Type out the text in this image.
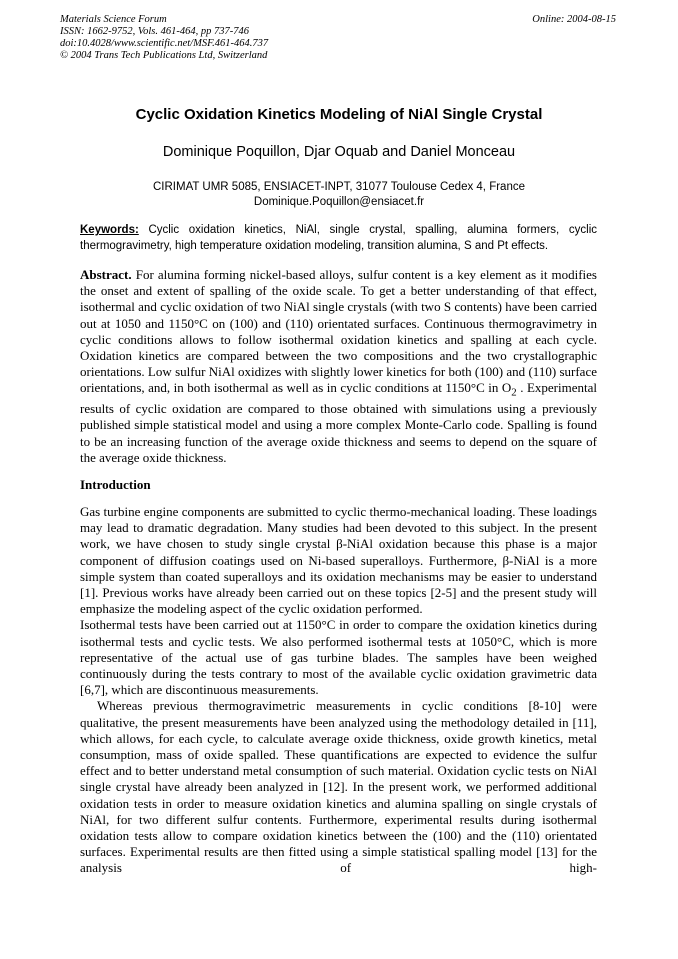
Materials Science Forum
ISSN: 1662-9752, Vols. 461-464, pp 737-746
doi:10.4028/www.scientific.net/MSF.461-464.737
© 2004 Trans Tech Publications Ltd, Switzerland
Online: 2004-08-15
Cyclic Oxidation Kinetics Modeling of NiAl Single Crystal
Dominique Poquillon, Djar Oquab and Daniel Monceau
CIRIMAT UMR 5085, ENSIACET-INPT, 31077 Toulouse Cedex 4, France
Dominique.Poquillon@ensiacet.fr
Keywords: Cyclic oxidation kinetics, NiAl, single crystal, spalling, alumina formers, cyclic thermogravimetry, high temperature oxidation modeling, transition alumina, S and Pt effects.
Abstract. For alumina forming nickel-based alloys, sulfur content is a key element as it modifies the onset and extent of spalling of the oxide scale. To get a better understanding of that effect, isothermal and cyclic oxidation of two NiAl single crystals (with two S contents) have been carried out at 1050 and 1150°C on (100) and (110) orientated surfaces. Continuous thermogravimetry in cyclic conditions allows to follow isothermal oxidation kinetics and spalling at each cycle. Oxidation kinetics are compared between the two compositions and the two crystallographic orientations. Low sulfur NiAl oxidizes with slightly lower kinetics for both (100) and (110) surface orientations, and, in both isothermal as well as in cyclic conditions at 1150°C in $O_2$ . Experimental results of cyclic oxidation are compared to those obtained with simulations using a previously published simple statistical model and using a more complex Monte-Carlo code. Spalling is found to be an increasing function of the average oxide thickness and seems to depend on the square of the average oxide thickness.
Introduction

Gas turbine engine components are submitted to cyclic thermo-mechanical loading. These loadings may lead to dramatic degradation. Many studies had been devoted to this subject. In the present work, we have chosen to study single crystal β-NiAl oxidation because this phase is a major component of diffusion coatings used on Ni-based superalloys. Furthermore, β-NiAl is a more simple system than coated superalloys and its oxidation mechanisms may be easier to understand [1]. Previous works have already been carried out on these topics [2-5] and the present study will emphasize the modeling aspect of the cyclic oxidation performed.

Isothermal tests have been carried out at 1150°C in order to compare the oxidation kinetics during isothermal tests and cyclic tests. We also performed isothermal tests at 1050°C, which is more representative of the actual use of gas turbine blades. The samples have been weighed continuously during the tests contrary to most of the available cyclic oxidation gravimetric data [6,7], which are discontinuous measurements.

Whereas previous thermogravimetric measurements in cyclic conditions [8-10] were qualitative, the present measurements have been analyzed using the methodology detailed in [11], which allows, for each cycle, to calculate average oxide thickness, oxide growth kinetics, metal consumption, mass of oxide spalled. These quantifications are expected to evidence the sulfur effect and to better understand metal consumption of such material. Oxidation cyclic tests on NiAl single crystal have already been analyzed in [12]. In the present work, we performed additional oxidation tests in order to measure oxidation kinetics and alumina spalling on single crystals of NiAl, for two different sulfur contents. Furthermore, experimental results during isothermal oxidation tests allow to compare oxidation kinetics between the (100) and the (110) orientated surfaces. Experimental results are then fitted using a simple statistical spalling model [13] for the analysis of high-
